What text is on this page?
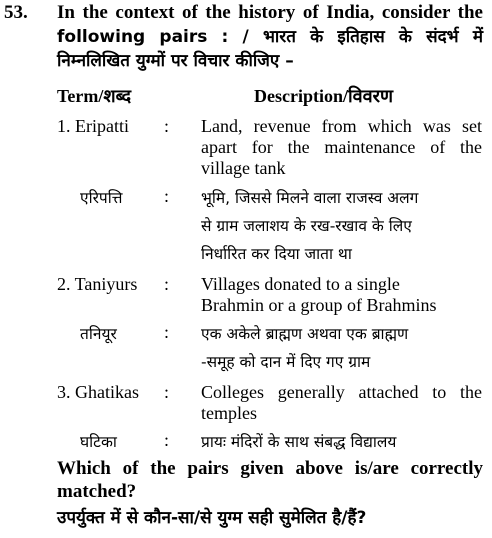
53. In the context of the history of India, consider the
following pairs : / भारत के इतिहास के संदर्भ में
निम्नलिखित युग्मों पर विचार कीजिए –
Term/शब्द	Description/विवरण
1. Eripatti : Land, revenue from which was set
apart for the maintenance of the
village tank
एरिपत्ति : भूमि, जिससे मिलने वाला राजस्व अलग
से ग्राम जलाशय के रख-रखाव के लिए
निर्धारित कर दिया जाता था
2. Taniyurs : Villages donated to a single
Brahmin or a group of Brahmins
तनियूर	: एक अकेले ब्राह्मण अथवा एक ब्राह्मण
-समूह को दान में दिए गए ग्राम
3. Ghatikas : Colleges generally attached to the
temples
घटिका	: प्रायः मंदिरों के साथ संबद्ध विद्यालय
Which of the pairs given above is/are correctly
matched?
उपर्युक्त में से कौन-सा/से युग्म सही सुमेलित है/हैं?
